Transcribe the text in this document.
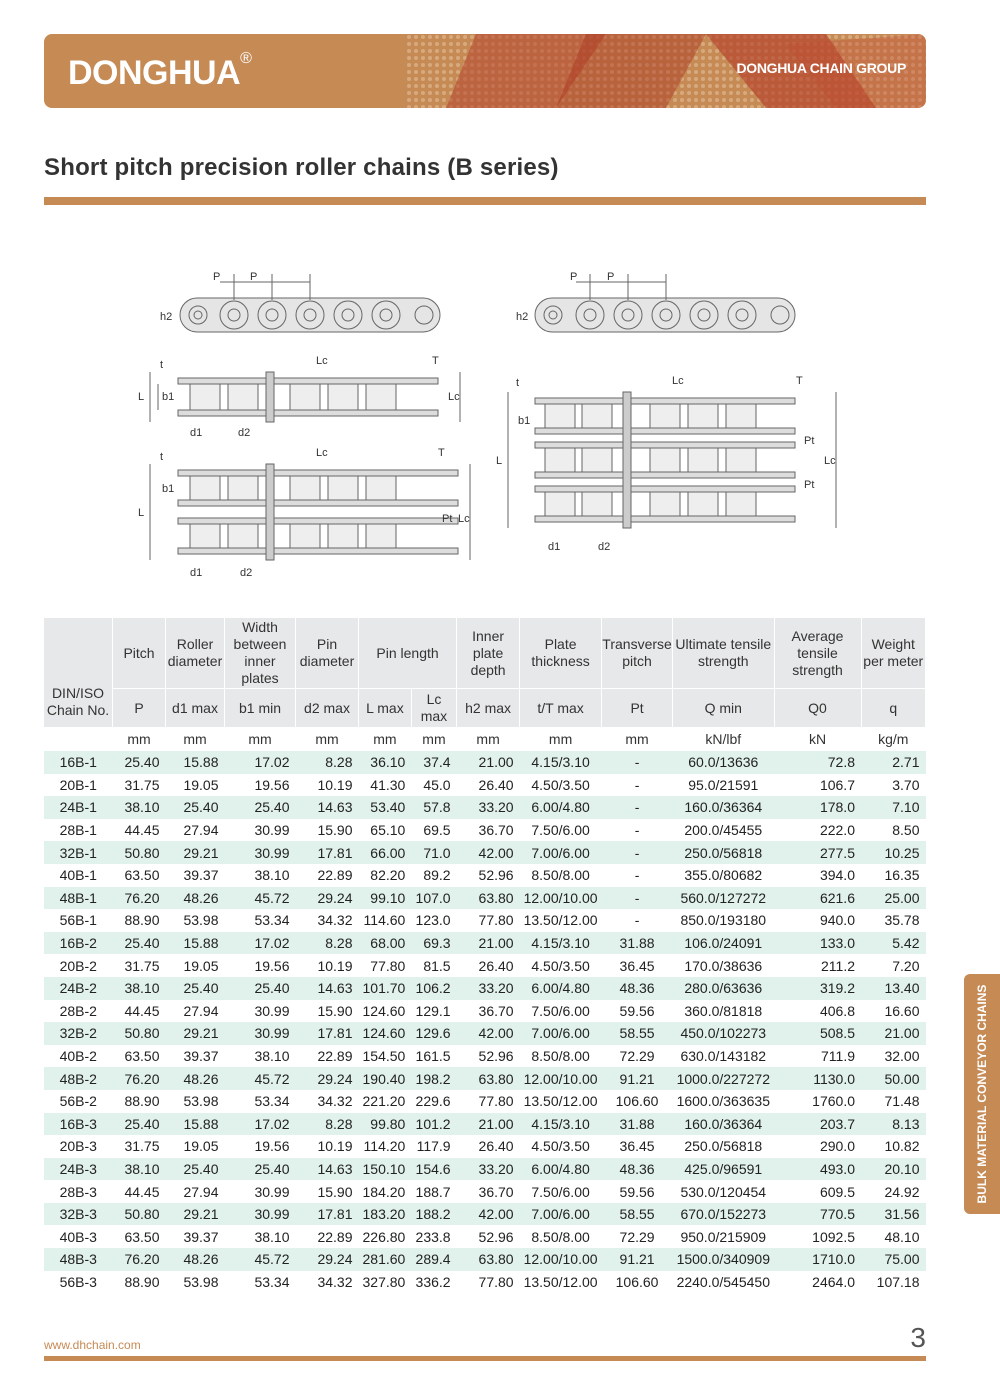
DONGHUA®
DONGHUA CHAIN GROUP
Short pitch precision roller chains (B series)
P	P
h2
P	P
h2
L b1
t	Lc	T
Lc
d1	d2
L
b1
t	Lc	T
Pt Lc
d1	d2
L
b1
t	Lc	T
Pt
Pt
Lc
d1	d2
DIN/ISO Chain No.	Pitch	Roller diameter	Width between inner plates	Pin diameter	Pin length		Inner plate depth	Plate thickness	Transverse pitch	Ultimate tensile strength	Average tensile strength	Weight per meter
	P	d1 max	b1 min	d2 max	L max	Lc max	h2 max	t/T max	Pt	Q min	Q0	q
	mm	mm	mm	mm	mm	mm	mm	mm	mm	kN/lbf	kN	kg/m
16B-1	25.40	15.88	17.02	8.28	36.10	37.4	21.00	4.15/3.10	-	60.0/13636	72.8	2.71
20B-1	31.75	19.05	19.56	10.19	41.30	45.0	26.40	4.50/3.50	-	95.0/21591	106.7	3.70
24B-1	38.10	25.40	25.40	14.63	53.40	57.8	33.20	6.00/4.80	-	160.0/36364	178.0	7.10
28B-1	44.45	27.94	30.99	15.90	65.10	69.5	36.70	7.50/6.00	-	200.0/45455	222.0	8.50
32B-1	50.80	29.21	30.99	17.81	66.00	71.0	42.00	7.00/6.00	-	250.0/56818	277.5	10.25
40B-1	63.50	39.37	38.10	22.89	82.20	89.2	52.96	8.50/8.00	-	355.0/80682	394.0	16.35
48B-1	76.20	48.26	45.72	29.24	99.10	107.0	63.80	12.00/10.00	-	560.0/127272	621.6	25.00
56B-1	88.90	53.98	53.34	34.32	114.60	123.0	77.80	13.50/12.00	-	850.0/193180	940.0	35.78
16B-2	25.40	15.88	17.02	8.28	68.00	69.3	21.00	4.15/3.10	31.88	106.0/24091	133.0	5.42
20B-2	31.75	19.05	19.56	10.19	77.80	81.5	26.40	4.50/3.50	36.45	170.0/38636	211.2	7.20
24B-2	38.10	25.40	25.40	14.63	101.70	106.2	33.20	6.00/4.80	48.36	280.0/63636	319.2	13.40
28B-2	44.45	27.94	30.99	15.90	124.60	129.1	36.70	7.50/6.00	59.56	360.0/81818	406.8	16.60
32B-2	50.80	29.21	30.99	17.81	124.60	129.6	42.00	7.00/6.00	58.55	450.0/102273	508.5	21.00
40B-2	63.50	39.37	38.10	22.89	154.50	161.5	52.96	8.50/8.00	72.29	630.0/143182	711.9	32.00
48B-2	76.20	48.26	45.72	29.24	190.40	198.2	63.80	12.00/10.00	91.21	1000.0/227272	1130.0	50.00
56B-2	88.90	53.98	53.34	34.32	221.20	229.6	77.80	13.50/12.00	106.60	1600.0/363635	1760.0	71.48
16B-3	25.40	15.88	17.02	8.28	99.80	101.2	21.00	4.15/3.10	31.88	160.0/36364	203.7	8.13
20B-3	31.75	19.05	19.56	10.19	114.20	117.9	26.40	4.50/3.50	36.45	250.0/56818	290.0	10.82
24B-3	38.10	25.40	25.40	14.63	150.10	154.6	33.20	6.00/4.80	48.36	425.0/96591	493.0	20.10
28B-3	44.45	27.94	30.99	15.90	184.20	188.7	36.70	7.50/6.00	59.56	530.0/120454	609.5	24.92
32B-3	50.80	29.21	30.99	17.81	183.20	188.2	42.00	7.00/6.00	58.55	670.0/152273	770.5	31.56
40B-3	63.50	39.37	38.10	22.89	226.80	233.8	52.96	8.50/8.00	72.29	950.0/215909	1092.5	48.10
48B-3	76.20	48.26	45.72	29.24	281.60	289.4	63.80	12.00/10.00	91.21	1500.0/340909	1710.0	75.00
56B-3	88.90	53.98	53.34	34.32	327.80	336.2	77.80	13.50/12.00	106.60	2240.0/545450	2464.0	107.18
BULK MATERIAL CONVEYOR CHAINS
www.dhchain.com	3
